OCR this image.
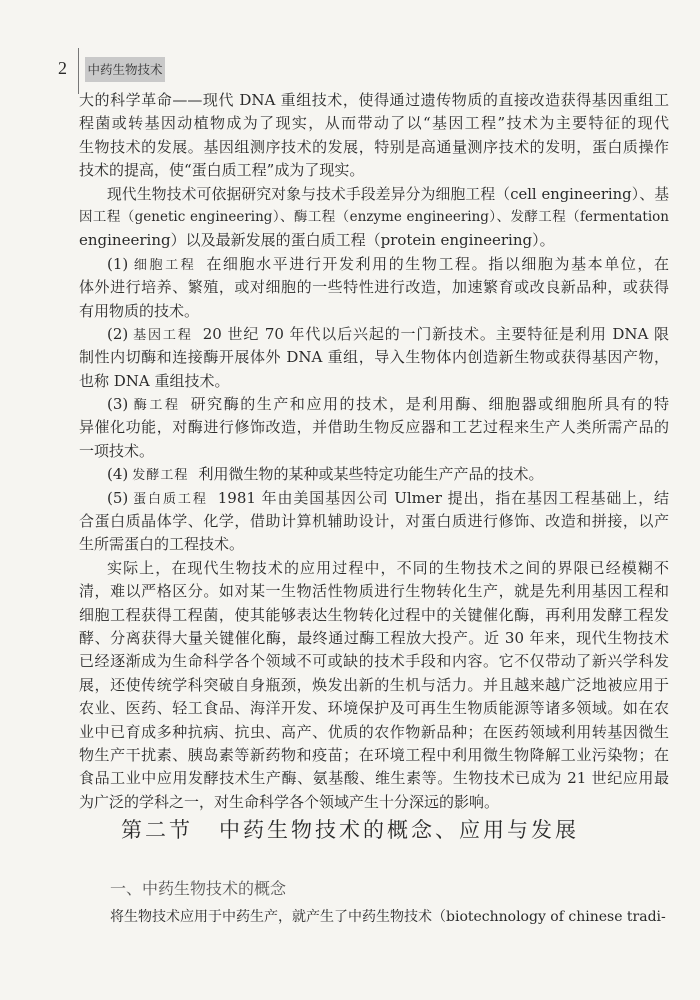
2 中药生物技术
大的科学革命——现代 DNA 重组技术，使得通过遗传物质的直接改造获得基因重组工
程菌或转基因动植物成为了现实，从而带动了以“基因工程”技术为主要特征的现代
生物技术的发展。基因组测序技术的发展，特别是高通量测序技术的发明，蛋白质操作
技术的提高，使“蛋白质工程”成为了现实。
现代生物技术可依据研究对象与技术手段差异分为细胞工程（cell engineering）、基
因工程（genetic engineering）、酶工程（enzyme engineering）、发酵工程（fermentation
engineering）以及最新发展的蛋白质工程（protein engineering）。
(1) 细胞工程 在细胞水平进行开发利用的生物工程。指以细胞为基本单位，在
体外进行培养、繁殖，或对细胞的一些特性进行改造，加速繁育或改良新品种，或获得
有用物质的技术。
(2) 基因工程 20 世纪 70 年代以后兴起的一门新技术。主要特征是利用 DNA 限
制性内切酶和连接酶开展体外 DNA 重组，导入生物体内创造新生物或获得基因产物，
也称 DNA 重组技术。
(3) 酶工程 研究酶的生产和应用的技术，是利用酶、细胞器或细胞所具有的特
异催化功能，对酶进行修饰改造，并借助生物反应器和工艺过程来生产人类所需产品的
一项技术。
(4) 发酵工程 利用微生物的某种或某些特定功能生产产品的技术。
(5) 蛋白质工程 1981 年由美国基因公司 Ulmer 提出，指在基因工程基础上，结
合蛋白质晶体学、化学，借助计算机辅助设计，对蛋白质进行修饰、改造和拼接，以产
生所需蛋白的工程技术。
实际上，在现代生物技术的应用过程中，不同的生物技术之间的界限已经模糊不
清，难以严格区分。如对某一生物活性物质进行生物转化生产，就是先利用基因工程和
细胞工程获得工程菌，使其能够表达生物转化过程中的关键催化酶，再利用发酵工程发
酵、分离获得大量关键催化酶，最终通过酶工程放大投产。近 30 年来，现代生物技术
已经逐渐成为生命科学各个领域不可或缺的技术手段和内容。它不仅带动了新兴学科发
展，还使传统学科突破自身瓶颈，焕发出新的生机与活力。并且越来越广泛地被应用于
农业、医药、轻工食品、海洋开发、环境保护及可再生生物质能源等诸多领域。如在农
业中已育成多种抗病、抗虫、高产、优质的农作物新品种；在医药领域利用转基因微生
物生产干扰素、胰岛素等新药物和疫苗；在环境工程中利用微生物降解工业污染物；在
食品工业中应用发酵技术生产酶、氨基酸、维生素等。生物技术已成为 21 世纪应用最
为广泛的学科之一，对生命科学各个领域产生十分深远的影响。
第二节 中药生物技术的概念、应用与发展
一、中药生物技术的概念
将生物技术应用于中药生产，就产生了中药生物技术（biotechnology of chinese tradi-
